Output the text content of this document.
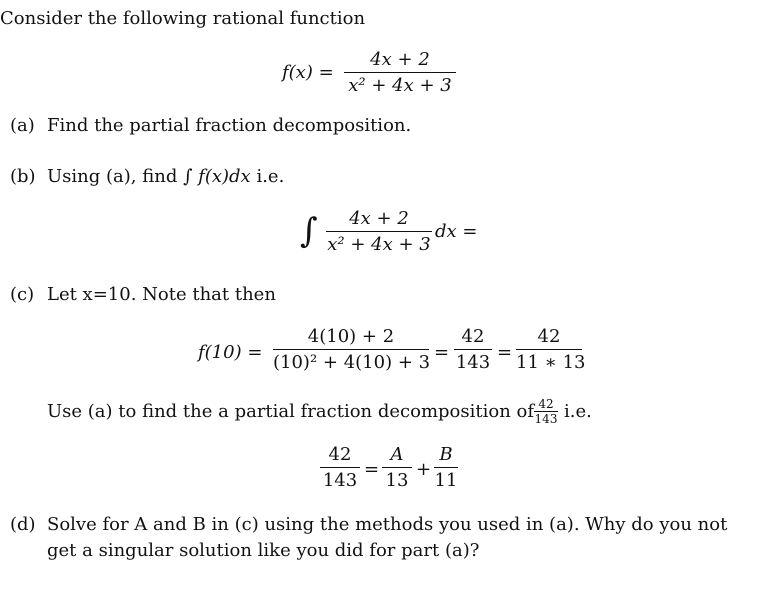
Consider the following rational function
f(x) =
4x + 2
x² + 4x + 3
(a) Find the partial fraction decomposition.
(b) Using (a), find ∫ f(x)dx i.e.
∫	4x + 2
x² + 4x + 3
dx =
(c) Let x=10. Note that then
f(10) =
4(10) + 2
(10)² + 4(10) + 3 =
42
143 =
42
11 ∗ 13
Use (a) to find the a partial fraction decomposition of 42
143 i.e.
42
143
=
A
13
+
B
11
(d) Solve for A and B in (c) using the methods you used in (a). Why do you not
get a singular solution like you did for part (a)?
